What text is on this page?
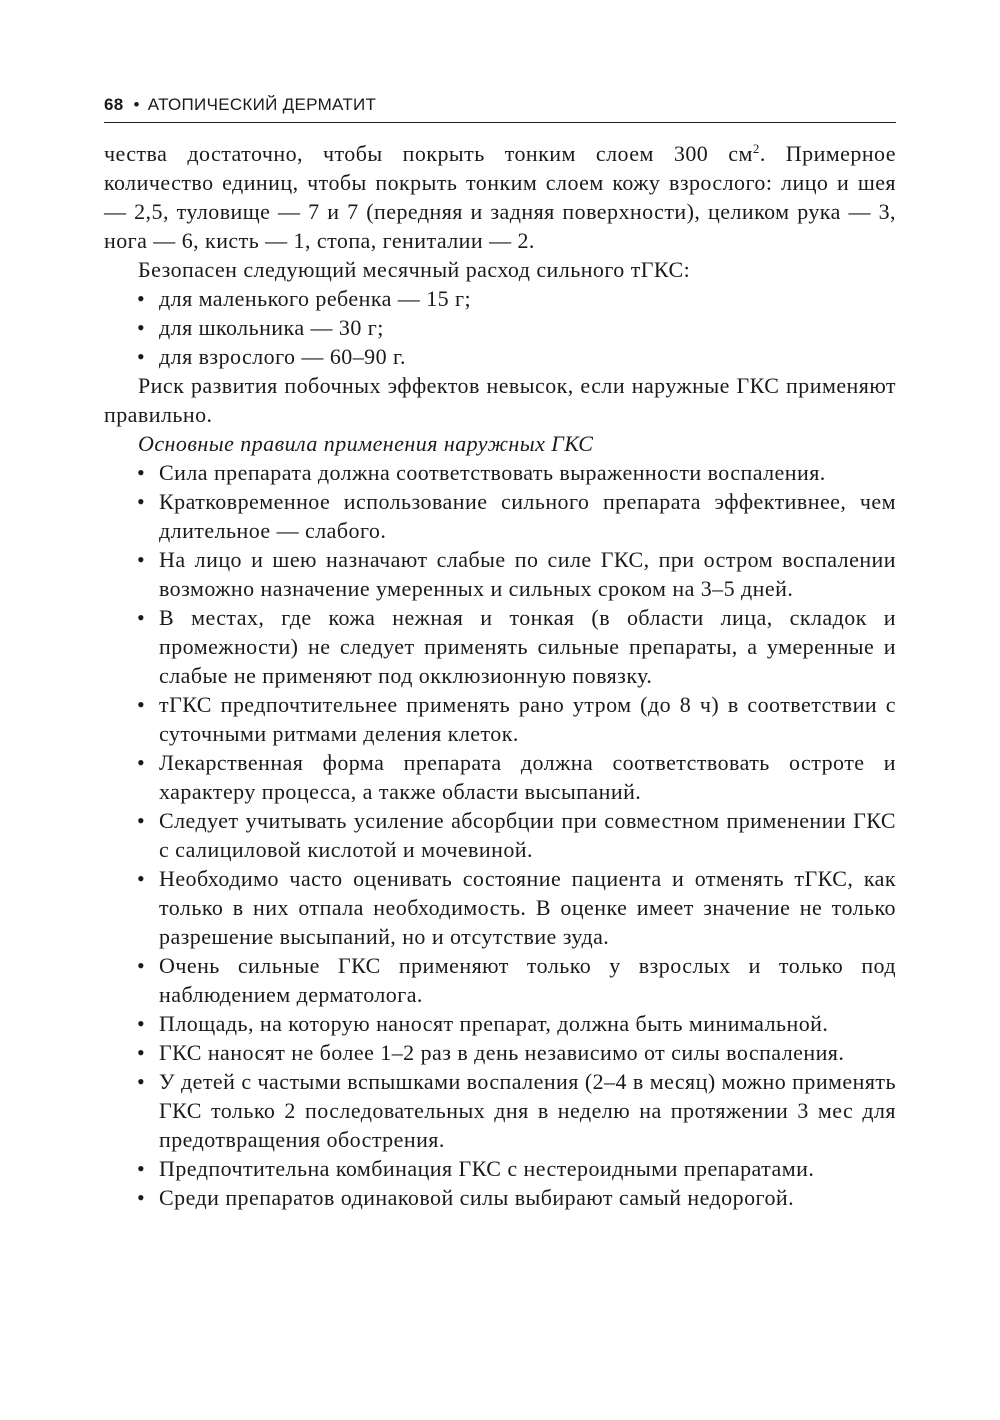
68 • АТОПИЧЕСКИЙ ДЕРМАТИТ

чества достаточно, чтобы покрыть тонким слоем 300 $см^2$. Примерное количество единиц, чтобы покрыть тонким слоем кожу взрослого: лицо и шея — 2,5, туловище — 7 и 7 (передняя и задняя поверхности), целиком рука — 3, нога — 6, кисть — 1, стопа, гениталии — 2.

Безопасен следующий месячный расход сильного тГКС:

• для маленького ребенка — 15 г;
• для школьника — 30 г;
• для взрослого — 60–90 г.

Риск развития побочных эффектов невысок, если наружные ГКС применяют правильно.

Основные правила применения наружных ГКС

• Сила препарата должна соответствовать выраженности воспаления.
• Кратковременное использование сильного препарата эффективнее, чем длительное — слабого.
• На лицо и шею назначают слабые по силе ГКС, при остром воспалении возможно назначение умеренных и сильных сроком на 3–5 дней.
• В местах, где кожа нежная и тонкая (в области лица, складок и промежности) не следует применять сильные препараты, а умеренные и слабые не применяют под окклюзионную повязку.
• тГКС предпочтительнее применять рано утром (до 8 ч) в соответствии с суточными ритмами деления клеток.
• Лекарственная форма препарата должна соответствовать остроте и характеру процесса, а также области высыпаний.
• Следует учитывать усиление абсорбции при совместном применении ГКС с салициловой кислотой и мочевиной.
• Необходимо часто оценивать состояние пациента и отменять тГКС, как только в них отпала необходимость. В оценке имеет значение не только разрешение высыпаний, но и отсутствие зуда.
• Очень сильные ГКС применяют только у взрослых и только под наблюдением дерматолога.
• Площадь, на которую наносят препарат, должна быть минимальной.
• ГКС наносят не более 1–2 раз в день независимо от силы воспаления.
• У детей с частыми вспышками воспаления (2–4 в месяц) можно применять ГКС только 2 последовательных дня в неделю на протяжении 3 мес для предотвращения обострения.
• Предпочтительна комбинация ГКС с нестероидными препаратами.
• Среди препаратов одинаковой силы выбирают самый недорогой.
